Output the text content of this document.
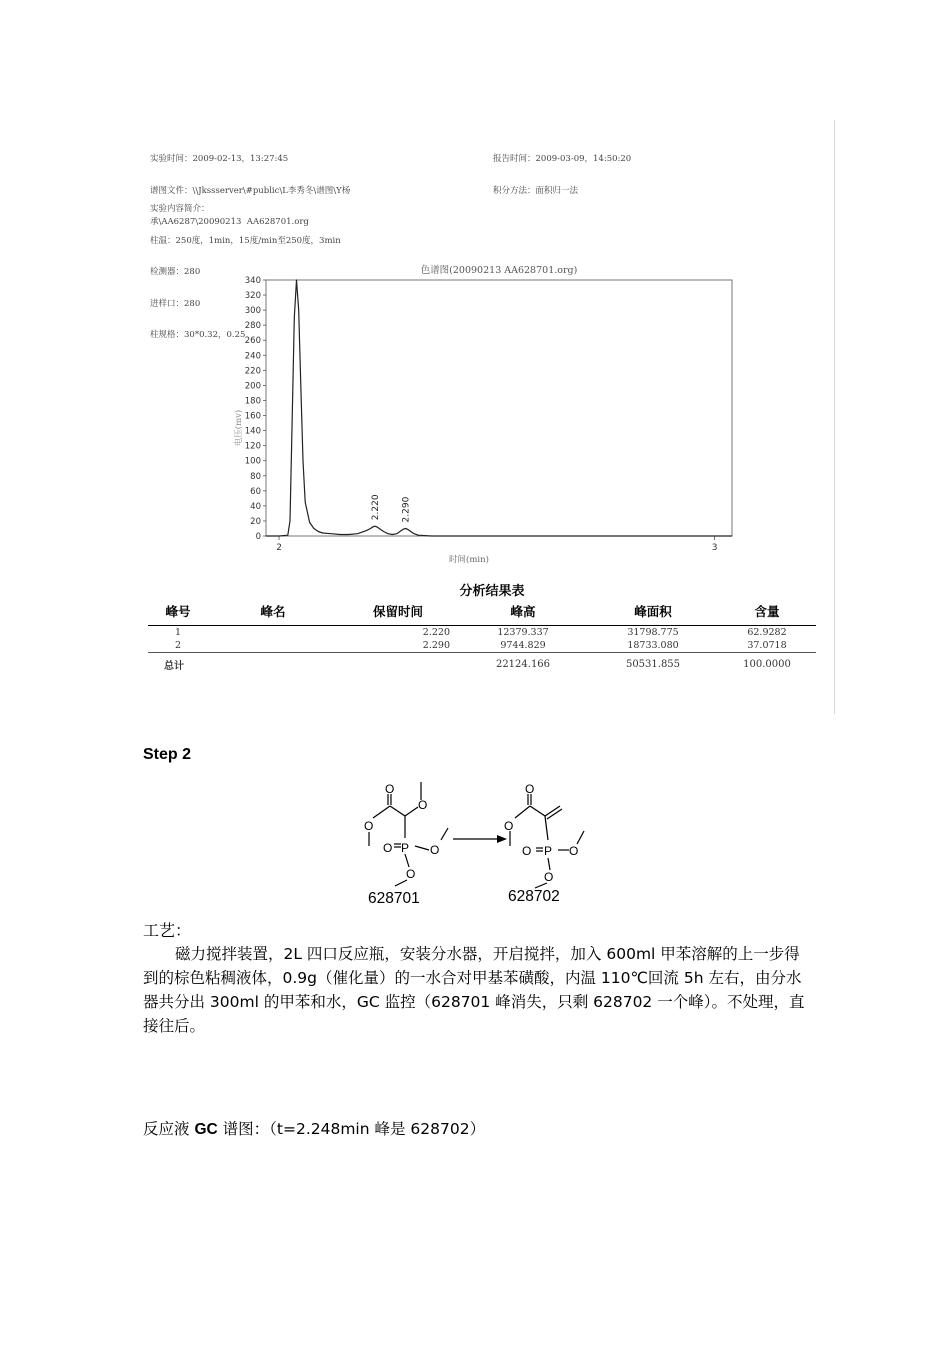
实验时间：2009-02-13，13:27:45

谱图文件：\\Jkssserver\#public\L李秀冬\谱图\Y杨

承\AA6287\20090213  AA628701.org

报告时间：2009-03-09，14:50:20

积分方法：面积归一法

实验内容简介：

柱温：250度，1min，15度/min至250度，3min

检测器：280

进样口：280

柱规格：30*0.32，0.25

色谱图(20090213 AA628701.org)
0
20
40
60
80
100
120
140
160
180
200
220
240
260
280
300
320
340
2	3
时间(min)
电压(mv)
2.220 2.290
分析结果表
峰号	峰名	保留时间	峰高	峰面积	含量
1		2.220	12379.337	31798.775	62.9282
2		2.290	9744.829	18733.080	37.0718
总计			22124.166	50531.855	100.0000
Step 2
O
O
O
O P O
O
O
O
O P O
O
628701	628702
工艺：

磁力搅拌装置，2L 四口反应瓶，安装分水器，开启搅拌，加入 600ml 甲苯溶解的上一步得到的棕色粘稠液体，0.9g（催化量）的一水合对甲基苯磺酸，内温 110℃回流 5h 左右，由分水器共分出 300ml 的甲苯和水，GC 监控（628701 峰消失，只剩 628702 一个峰）。不处理，直接往后。

反应液 GC 谱图：（t=2.248min 峰是 628702）
